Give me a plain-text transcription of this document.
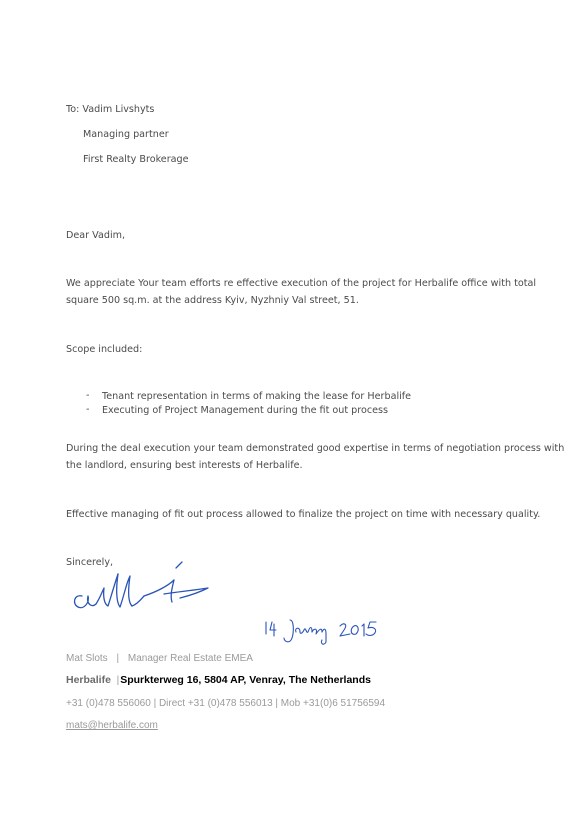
To: Vadim Livshyts
Managing partner
First Realty Brokerage
Dear Vadim,
We appreciate Your team efforts re effective execution of the project for Herbalife office with total
square 500 sq.m. at the address Kyiv, Nyzhniy Val street, 51.
Scope included:
- Tenant representation in terms of making the lease for Herbalife
- Executing of Project Management during the fit out process
During the deal execution your team demonstrated good expertise in terms of negotiation process with
the landlord, ensuring best interests of Herbalife.
Effective managing of fit out process allowed to finalize the project on time with necessary quality.
Sincerely,
Mat Slots | Manager Real Estate EMEA
Herbalife |Spurkterweg 16, 5804 AP, Venray, The Netherlands
+31 (0)478 556060 | Direct +31 (0)478 556013 | Mob +31(0)6 51756594
mats@herbalife.com
